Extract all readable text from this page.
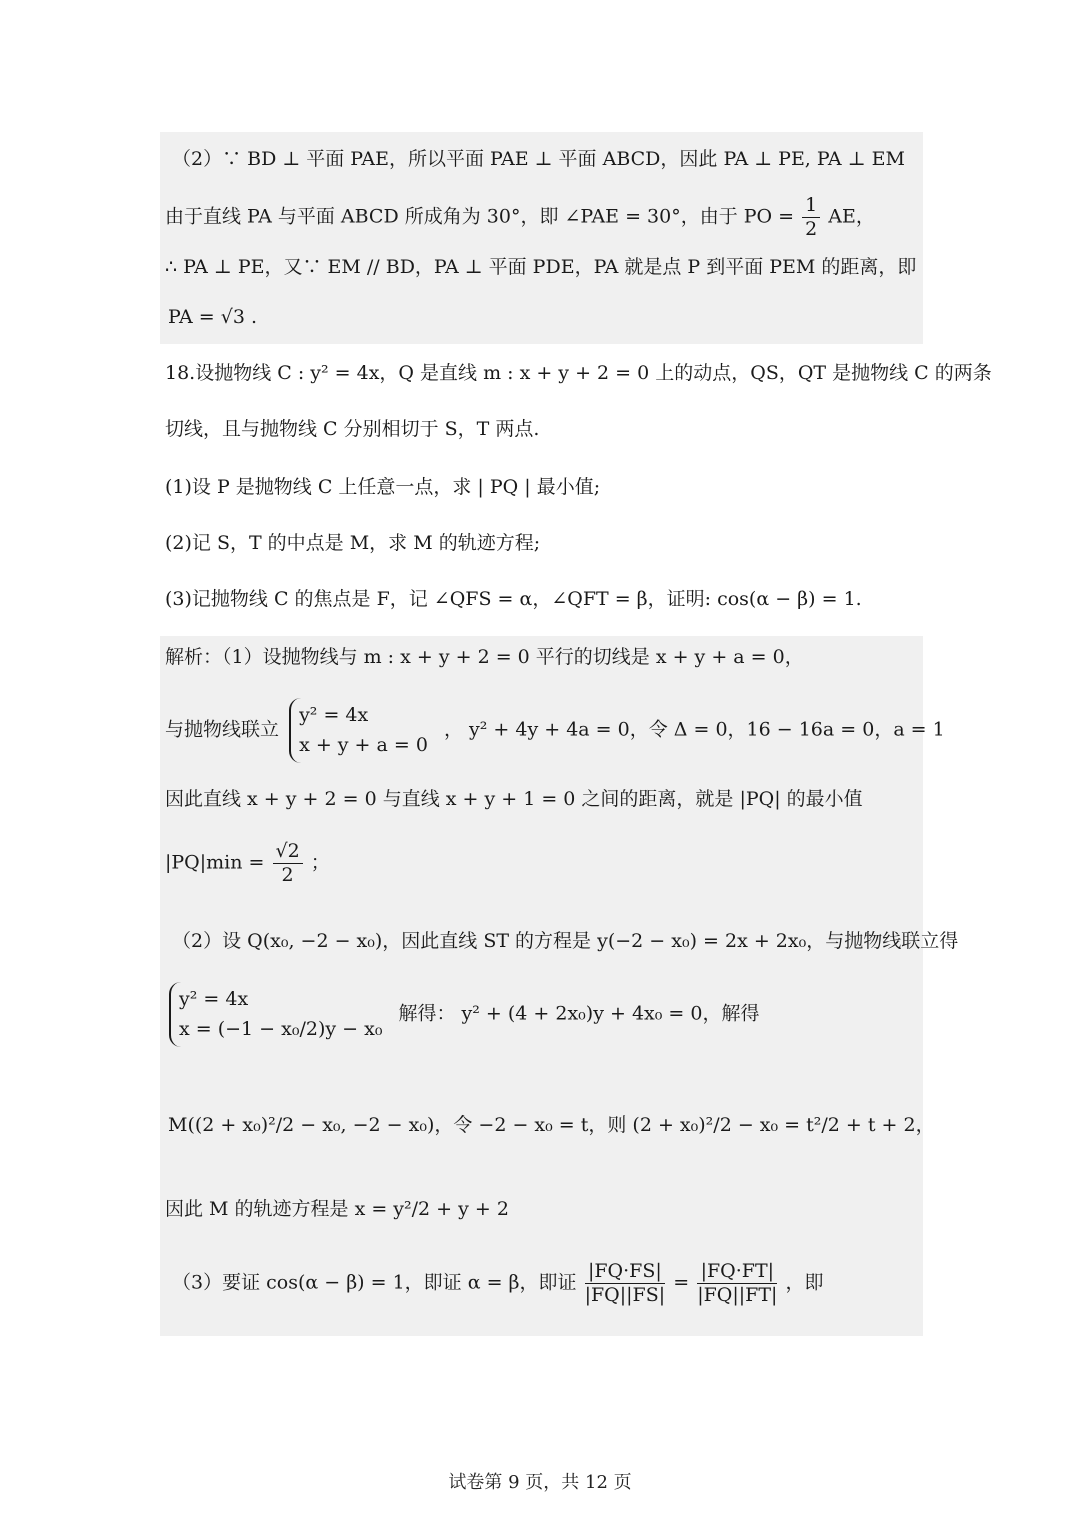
（2）∵ BD ⊥ 平面 PAE，所以平面 PAE ⊥ 平面 ABCD，因此 PA ⊥ PE, PA ⊥ EM
由于直线 PA 与平面 ABCD 所成角为 30°，即 ∠PAE = 30°，由于 PO = $\frac{1}{2}$ AE，
∴ PA ⊥ PE，又∵ EM // BD，PA ⊥ 平面 PDE，PA 就是点 P 到平面 PEM 的距离，即
PA = √3 .
18.设抛物线 C : y² = 4x，Q 是直线 m : x + y + 2 = 0 上的动点，QS，QT 是抛物线 C 的两条
切线，且与抛物线 C 分别相切于 S，T 两点.
(1)设 P 是抛物线 C 上任意一点，求 | PQ | 最小值;
(2)记 S，T 的中点是 M，求 M 的轨迹方程;
(3)记抛物线 C 的焦点是 F，记 ∠QFS = α，∠QFT = β，证明: cos(α − β) = 1.
解析：（1）设抛物线与 m : x + y + 2 = 0 平行的切线是 x + y + a = 0，
与抛物线联立
y² = 4x
x + y + a = 0
， y² + 4y + 4a = 0，令 Δ = 0，16 − 16a = 0，a = 1
因此直线 x + y + 2 = 0 与直线 x + y + 1 = 0 之间的距离，就是 |PQ| 的最小值
$|PQ|\min = \frac{√2}{2}$ ；
（2）设 Q(x₀, −2 − x₀)，因此直线 ST 的方程是 y(−2 − x₀) = 2x + 2x₀，与抛物线联立得
y² = 4x
x = (−1 − x₀/2)y − x₀
解得： y² + (4 + 2x₀)y + 4x₀ = 0，解得
M((2 + x₀)²/2 − x₀, −2 − x₀)，令 −2 − x₀ = t，则 (2 + x₀)²/2 − x₀ = t²/2 + t + 2，
因此 M 的轨迹方程是 x = y²/2 + y + 2
（3）要证 cos(α − β) = 1，即证 α = β，即证 $\frac{|FQ\cdot FS|}{|FQ||FS|} = \frac{|FQ\cdot FT|}{|FQ||FT|}$ ，即
试卷第 9 页，共 12 页
